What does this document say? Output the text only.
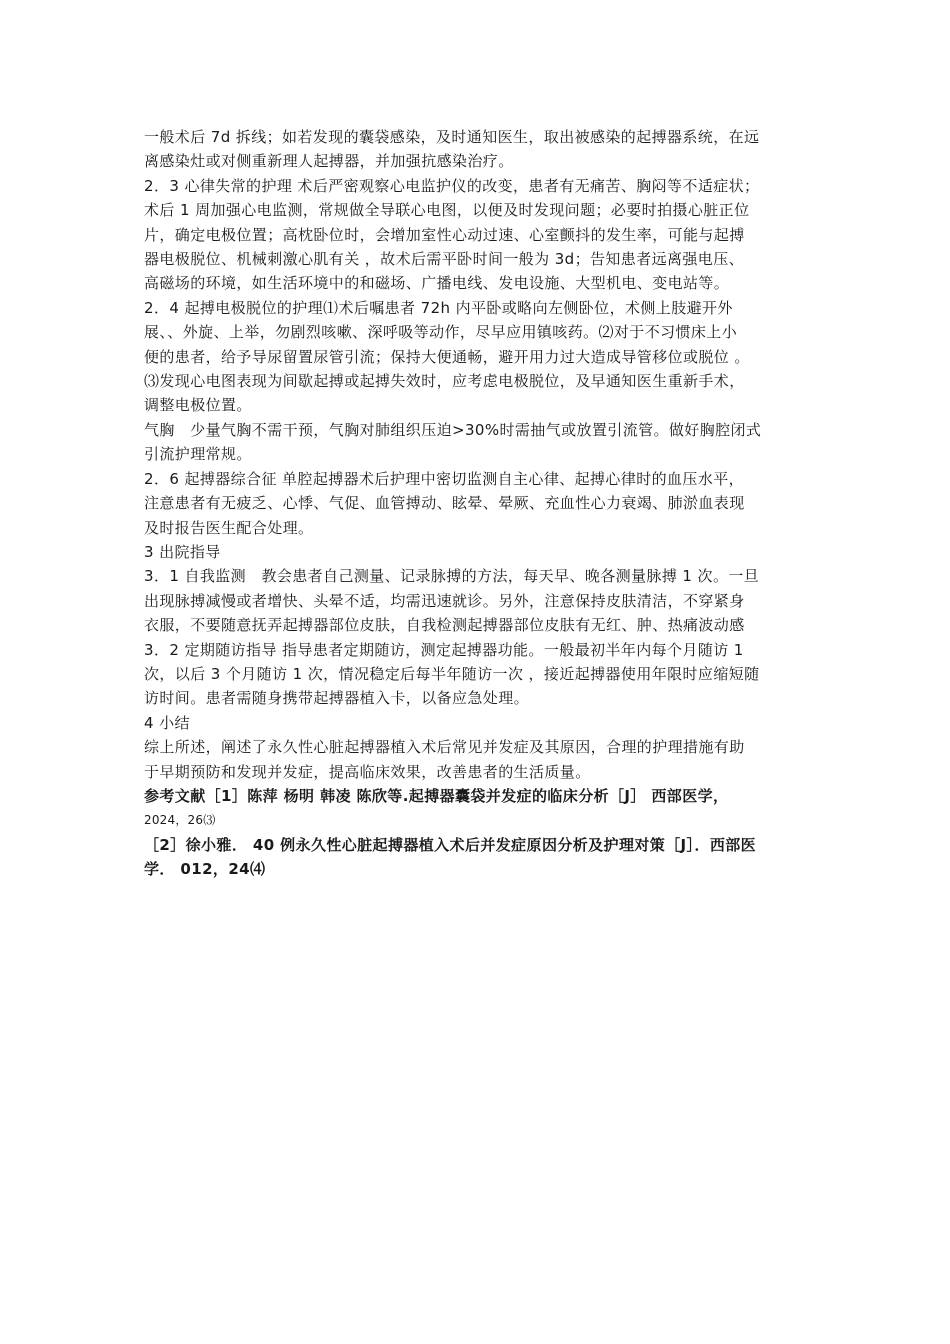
一般术后 7d 拆线；如若发现的囊袋感染，及时通知医生，取出被感染的起搏器系统，在远
离感染灶或对侧重新理人起搏器，并加强抗感染治疗。
2．3 心律失常的护理 术后严密观察心电监护仪的改变，患者有无痛苦、胸闷等不适症状；
术后 1 周加强心电监测，常规做全导联心电图，以便及时发现问题；必要时拍摄心脏正位
片，确定电极位置；高枕卧位时，会增加室性心动过速、心室颤抖的发生率，可能与起搏
器电极脱位、机械刺激心肌有关 ，故术后需平卧时间一般为 3d；告知患者远离强电压、
高磁场的环境，如生活环境中的和磁场、广播电线、发电设施、大型机电、变电站等。
2．4 起搏电极脱位的护理⑴术后嘱患者 72h 内平卧或略向左侧卧位，术侧上肢避开外
展、、外旋、上举，勿剧烈咳嗽、深呼吸等动作，尽早应用镇咳药。⑵对于不习惯床上小
便的患者，给予导尿留置尿管引流；保持大便通畅，避开用力过大造成导管移位或脱位 。
⑶发现心电图表现为间歇起搏或起搏失效时，应考虑电极脱位，及早通知医生重新手术，
调整电极位置。
气胸　少量气胸不需干预，气胸对肺组织压迫>30%时需抽气或放置引流管。做好胸腔闭式
引流护理常规。
2．6 起搏器综合征 单腔起搏器术后护理中密切监测自主心律、起搏心律时的血压水平，
注意患者有无疲乏、心悸、气促、血管搏动、眩晕、晕厥、充血性心力衰竭、肺淤血表现
及时报告医生配合处理。
3 出院指导
3．1 自我监测　教会患者自己测量、记录脉搏的方法，每天早、晚各测量脉搏 1 次。一旦
出现脉搏减慢或者增快、头晕不适，均需迅速就诊。另外，注意保持皮肤清洁，不穿紧身
衣服，不要随意抚弄起搏器部位皮肤，自我检测起搏器部位皮肤有无红、肿、热痛波动感
3．2 定期随访指导 指导患者定期随访，测定起搏器功能。一般最初半年内每个月随访 1
次，以后 3 个月随访 1 次，情况稳定后每半年随访一次 ，接近起搏器使用年限时应缩短随
访时间。患者需随身携带起搏器植入卡，以备应急处理。
4 小结
综上所述，阐述了永久性心脏起搏器植入术后常见并发症及其原因，合理的护理措施有助
于早期预防和发现并发症，提高临床效果，改善患者的生活质量。
参考文献［1］陈萍 杨明 韩凌 陈欣等.起搏器囊袋并发症的临床分析［J］ 西部医学，
2024，26⑶
［2］徐小雅． 40 例永久性心脏起搏器植入术后并发症原因分析及护理对策［J］．西部医
学． 012，24⑷
